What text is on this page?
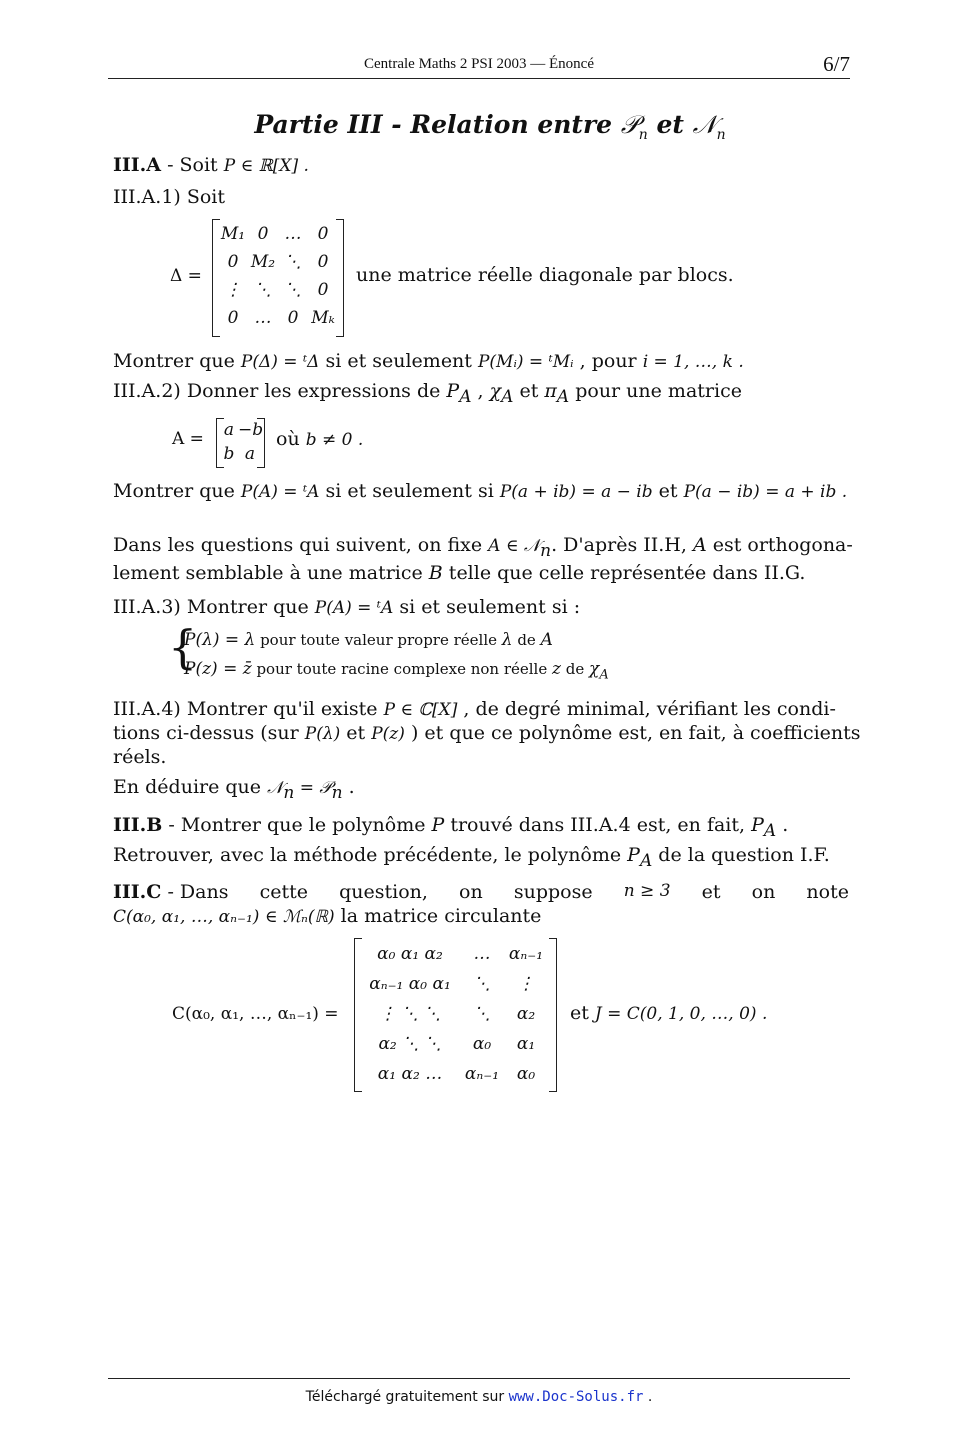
Centrale Maths 2 PSI 2003 — Énoncé	6/7
Partie III - Relation entre 𝒫$_n$ et 𝒩$_n$
III.A - Soit P ∈ ℝ[X] .
III.A.1) Soit
Δ =
M₁ 0 … 0
0 M₂ ⋱ 0
⋮ ⋱ ⋱ 0
0 … 0 Mₖ
une matrice réelle diagonale par blocs.
Montrer que P(Δ) = ᵗΔ si et seulement P(Mᵢ) = ᵗMᵢ , pour i = 1, …, k .
III.A.2) Donner les expressions de $P_A$ , $\chi_A$ et $\pi_A$ pour une matrice
A = a −b
b a
où b ≠ 0 .
Montrer que P(A) = ᵗA si et seulement si P(a + ib) = a − ib et P(a − ib) = a + ib .
Dans les questions qui suivent, on fixe A ∈ 𝒩$_n$. D'après II.H, A est orthogona-
lement semblable à une matrice B telle que celle représentée dans II.G.
III.A.3) Montrer que P(A) = ᵗA si et seulement si :
{
P(λ) = λ pour toute valeur propre réelle λ de A
P(z) = z̄ pour toute racine complexe non réelle z de $\chi_A$
III.A.4) Montrer qu'il existe P ∈ ℂ[X] , de degré minimal, vérifiant les condi-
tions ci-dessus (sur P(λ) et P(z) ) et que ce polynôme est, en fait, à coefficients
réels.
En déduire que 𝒩$_n$ = 𝒫$_n$ .
III.B - Montrer que le polynôme P trouvé dans III.A.4 est, en fait, $P_A$ .
Retrouver, avec la méthode précédente, le polynôme $P_A$ de la question I.F.
III.C - Dans cette question, on suppose n ≥ 3 et on note
C(α₀, α₁, …, αₙ₋₁) ∈ ℳₙ(ℝ) la matrice circulante
C(α₀, α₁, …, αₙ₋₁) =
α₀ α₁ α₂	…	αₙ₋₁
αₙ₋₁ α₀ α₁	⋱	⋮
⋮ ⋱ ⋱	⋱	α₂
α₂ ⋱ ⋱	α₀	α₁
α₁ α₂ …	αₙ₋₁	α₀
et J = C(0, 1, 0, …, 0) .
Téléchargé gratuitement sur www.Doc-Solus.fr .
